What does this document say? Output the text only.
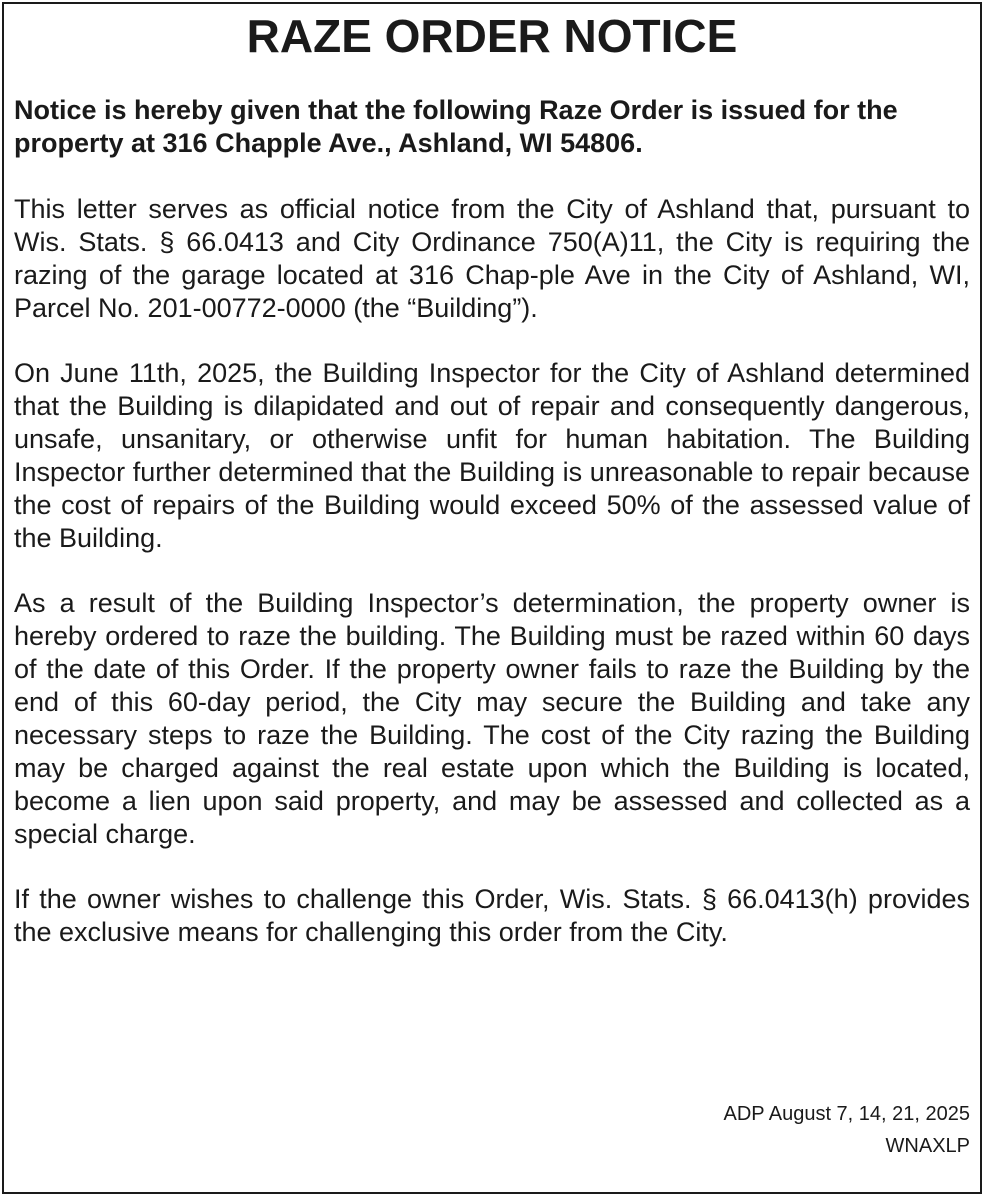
RAZE ORDER NOTICE

Notice is hereby given that the following Raze Order is issued for the property at 316 Chapple Ave., Ashland, WI 54806.

This letter serves as official notice from the City of Ashland that, pursuant to Wis. Stats. § 66.0413 and City Ordinance 750(A)11, the City is requiring the razing of the garage located at 316 Chap-ple Ave in the City of Ashland, WI, Parcel No. 201-00772-0000 (the “Building”).

On June 11th, 2025, the Building Inspector for the City of Ashland determined that the Building is dilapidated and out of repair and consequently dangerous, unsafe, unsanitary, or otherwise unfit for human habitation. The Building Inspector further determined that the Building is unreasonable to repair because the cost of repairs of the Building would exceed 50% of the assessed value of the Building.

As a result of the Building Inspector’s determination, the property owner is hereby ordered to raze the building. The Building must be razed within 60 days of the date of this Order. If the property owner fails to raze the Building by the end of this 60-day period, the City may secure the Building and take any necessary steps to raze the Building. The cost of the City razing the Building may be charged against the real estate upon which the Building is located, become a lien upon said property, and may be assessed and collected as a special charge.

If the owner wishes to challenge this Order, Wis. Stats. § 66.0413(h) provides the exclusive means for challenging this order from the City.

ADP August 7, 14, 21, 2025
WNAXLP
